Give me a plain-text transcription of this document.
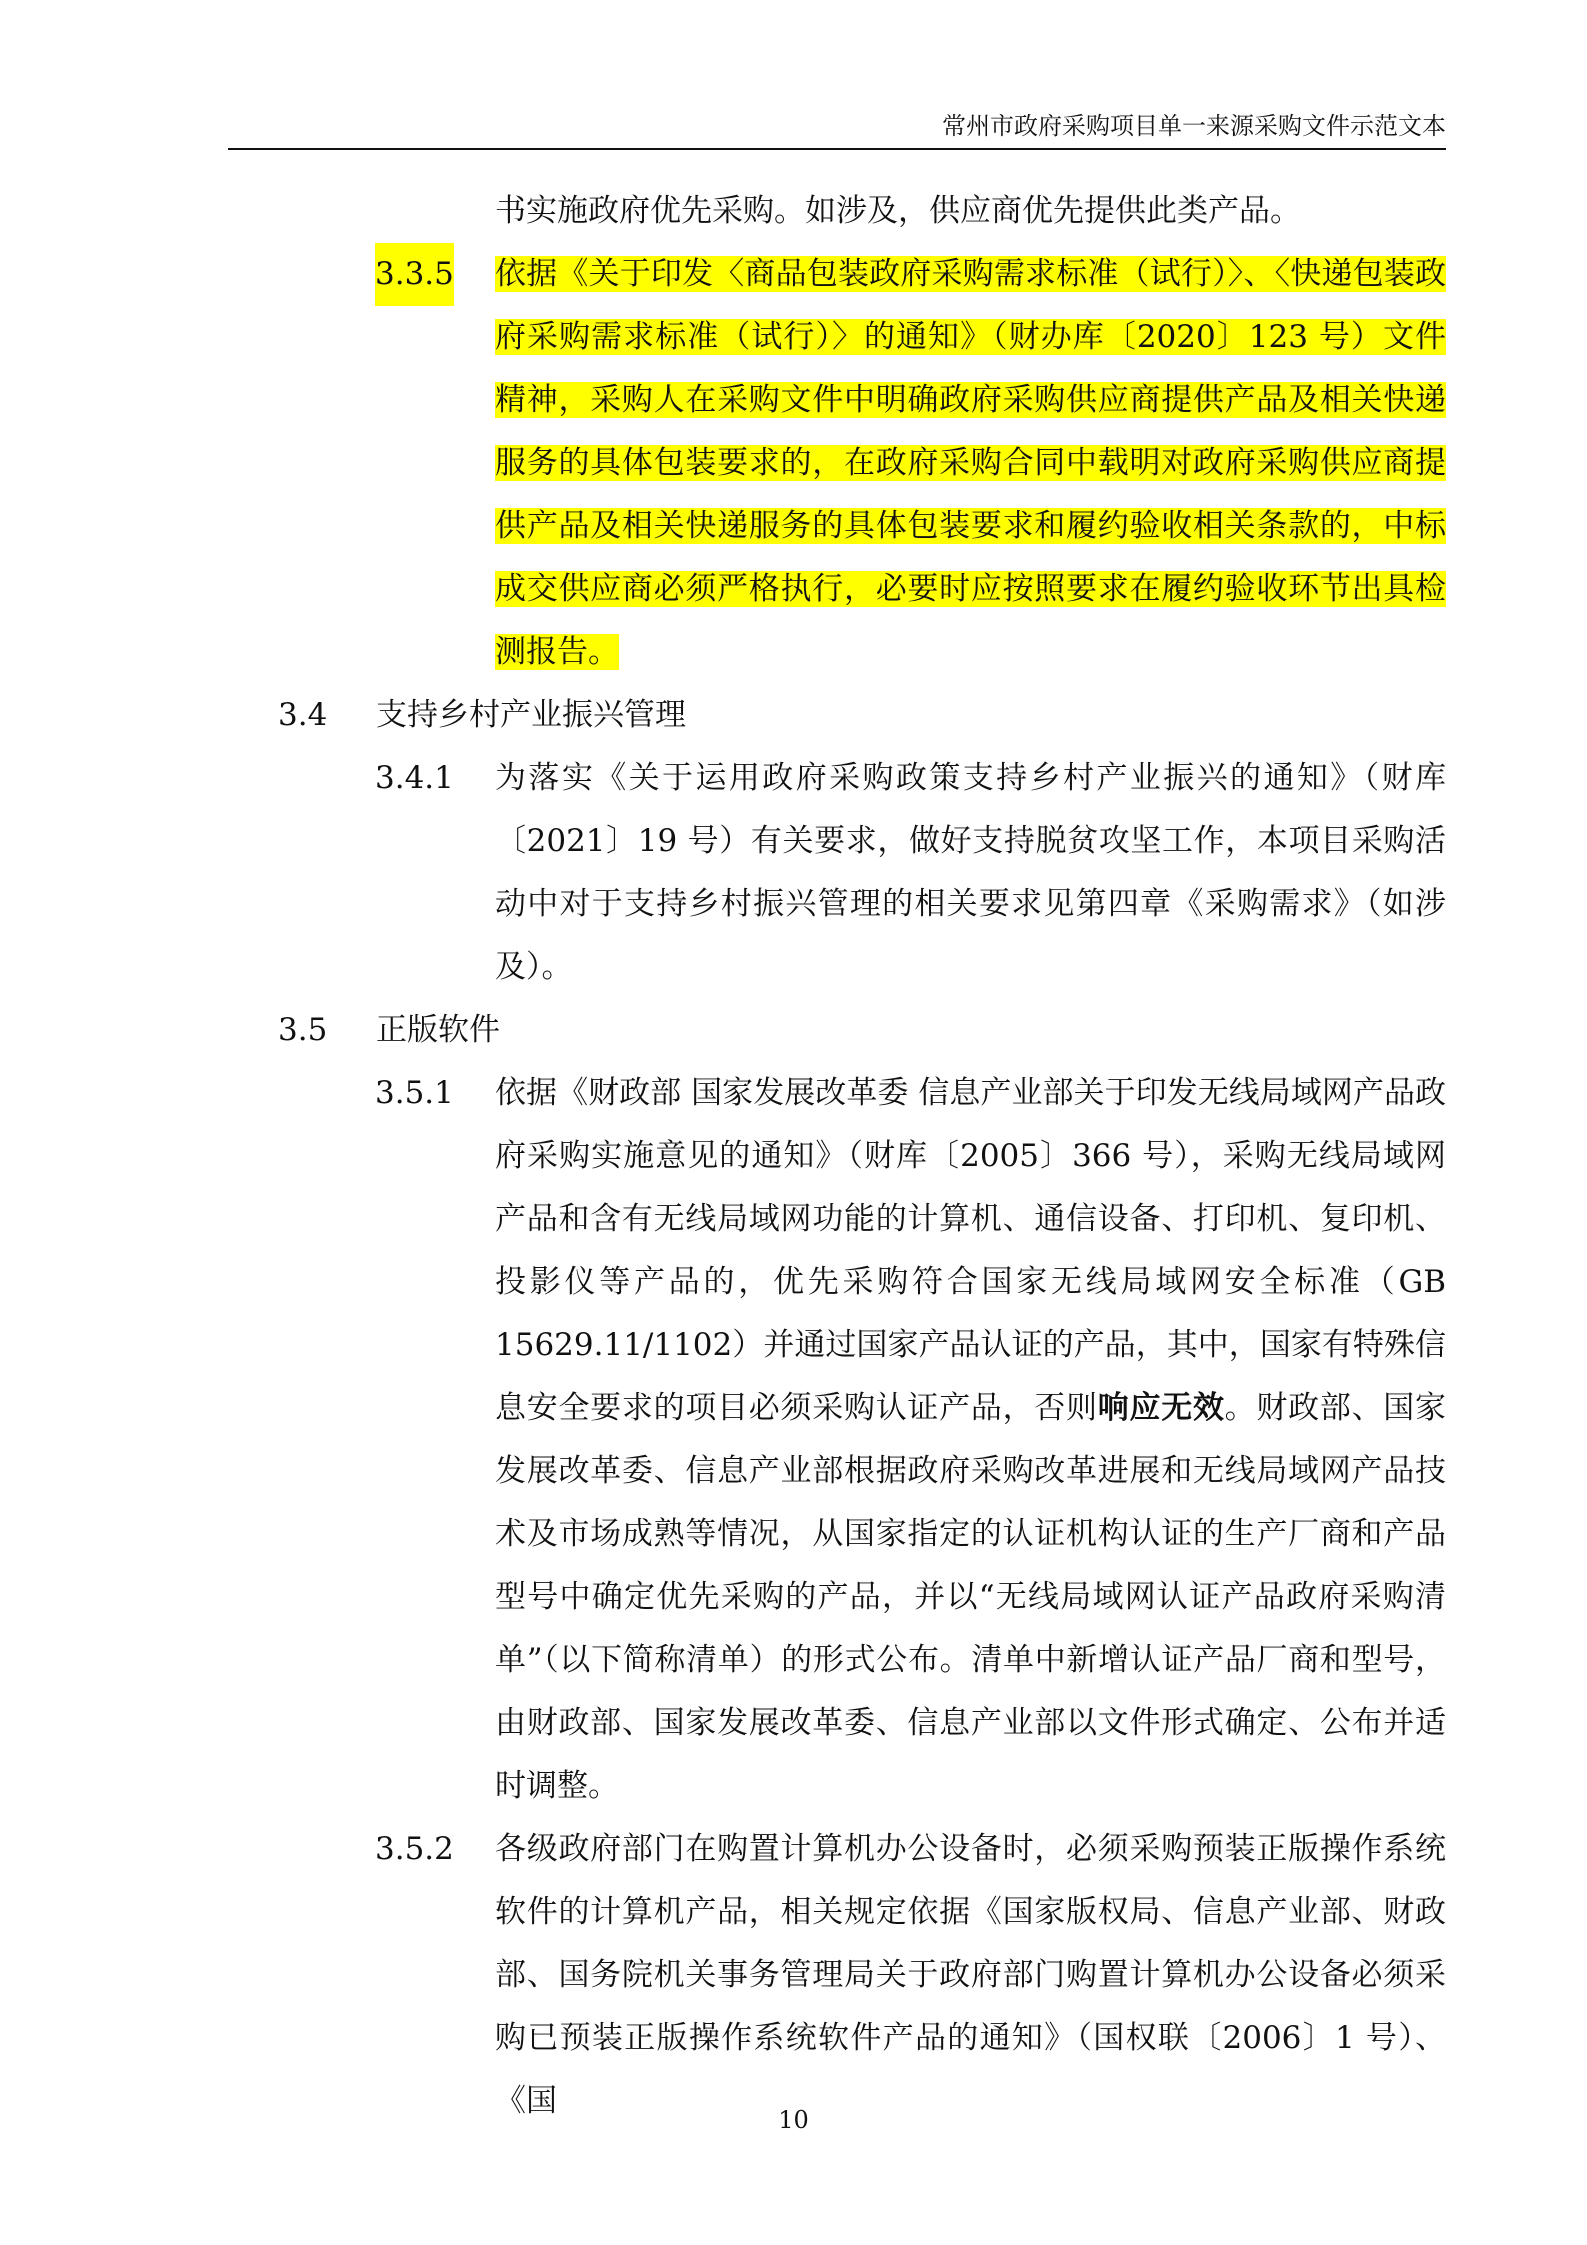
常州市政府采购项目单一来源采购文件示范文本
书实施政府优先采购。如涉及，供应商优先提供此类产品。
3.3.5 依据《关于印发〈商品包装政府采购需求标准（试行）〉、〈快递包装政府采购需求标准（试行）〉的通知》（财办库〔2020〕123 号）文件精神，采购人在采购文件中明确政府采购供应商提供产品及相关快递服务的具体包装要求的，在政府采购合同中载明对政府采购供应商提供产品及相关快递服务的具体包装要求和履约验收相关条款的，中标成交供应商必须严格执行，必要时应按照要求在履约验收环节出具检测报告。
3.4 支持乡村产业振兴管理
3.4.1 为落实《关于运用政府采购政策支持乡村产业振兴的通知》（财库〔2021〕19 号）有关要求，做好支持脱贫攻坚工作，本项目采购活动中对于支持乡村振兴管理的相关要求见第四章《采购需求》（如涉及）。
3.5 正版软件
3.5.1 依据《财政部 国家发展改革委 信息产业部关于印发无线局域网产品政府采购实施意见的通知》（财库〔2005〕366 号），采购无线局域网产品和含有无线局域网功能的计算机、通信设备、打印机、复印机、投影仪等产品的，优先采购符合国家无线局域网安全标准（GB 15629.11/1102）并通过国家产品认证的产品，其中，国家有特殊信息安全要求的项目必须采购认证产品，否则响应无效。财政部、国家发展改革委、信息产业部根据政府采购改革进展和无线局域网产品技术及市场成熟等情况，从国家指定的认证机构认证的生产厂商和产品型号中确定优先采购的产品，并以“无线局域网认证产品政府采购清单”（以下简称清单）的形式公布。清单中新增认证产品厂商和型号，由财政部、国家发展改革委、信息产业部以文件形式确定、公布并适时调整。
3.5.2 各级政府部门在购置计算机办公设备时，必须采购预装正版操作系统软件的计算机产品，相关规定依据《国家版权局、信息产业部、财政部、国务院机关事务管理局关于政府部门购置计算机办公设备必须采购已预装正版操作系统软件产品的通知》（国权联〔2006〕1 号）、《国
10
